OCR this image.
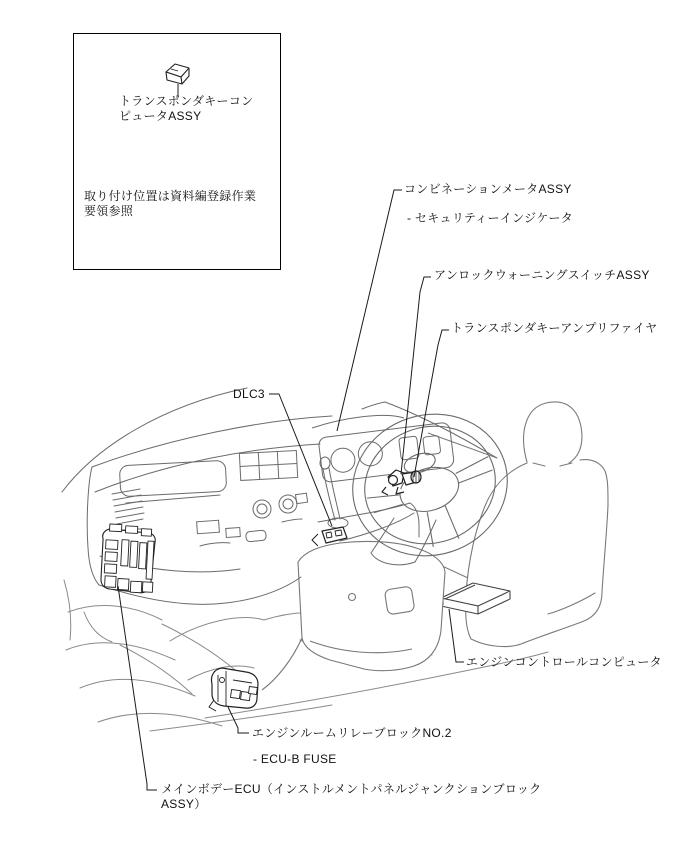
トランスポンダキーコン
ピュータASSY
取り付け位置は資料編登録作業
要領参照
コンビネーションメータASSY
- セキュリティーインジケータ
アンロックウォーニングスイッチASSY
トランスポンダキーアンプリファイヤ
DLC3
エンジンコントロールコンピュータ
エンジンルームリレーブロックNO.2
- ECU-B FUSE
メインボデーECU（インストルメントパネルジャンクションブロック
ASSY）
